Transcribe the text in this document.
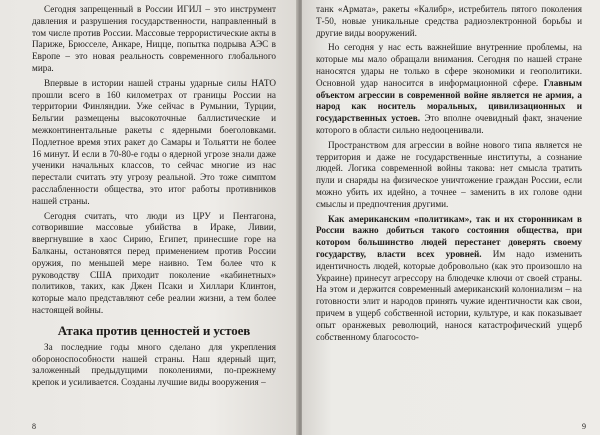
Сегодня запрещенный в России ИГИЛ – это инструмент давления и разрушения государственности, направленный в том числе против России. Массовые террористические акты в Париже, Брюсселе, Анкаре, Ницце, попытка подрыва АЭС в Европе – это новая реальность современного глобального мира.

Впервые в истории нашей страны ударные силы НАТО прошли всего в 160 километрах от границы России на территории Финляндии. Уже сейчас в Румынии, Турции, Бельгии размещены высокоточные баллистические и межконтинентальные ракеты с ядерными боеголовками. Подлетное время этих ракет до Самары и Тольятти не более 16 минут. И если в 70-80-е годы о ядерной угрозе знали даже ученики начальных классов, то сейчас многие из нас перестали считать эту угрозу реальной. Это тоже симптом расслабленности общества, это итог работы противников нашей страны.

Сегодня считать, что люди из ЦРУ и Пентагона, сотворившие массовые убийства в Ираке, Ливии, ввергнувшие в хаос Сирию, Египет, принесшие горе на Балканы, остановятся перед применением против России оружия, по меньшей мере наивно. Тем более что к руководству США приходит поколение «кабинетных» политиков, таких, как Джен Псаки и Хиллари Клинтон, которые мало представляют себе реалии жизни, а тем более настоящей войны.

Атака против ценностей и устоев

За последние годы много сделано для укрепления обороноспособности нашей страны. Наш ядерный щит, заложенный предыдущими поколениями, по-прежнему крепок и усиливается. Созданы лучшие виды вооружения –

8

танк «Армата», ракеты «Калибр», истребитель пятого поколения Т-50, новые уникальные средства радиоэлектронной борьбы и другие виды вооружений.

Но сегодня у нас есть важнейшие внутренние проблемы, на которые мы мало обращали внимания. Сегодня по нашей стране наносятся удары не только в сфере экономики и геополитики. Основной удар наносится в информационной сфере. Главным объектом агрессии в современной войне является не армия, а народ как носитель моральных, цивилизационных и государственных устоев. Это вполне очевидный факт, значение которого в области сильно недооценивали.

Пространством для агрессии в войне нового типа является не территория и даже не государственные институты, а сознание людей. Логика современной войны такова: нет смысла тратить пули и снаряды на физическое уничтожение граждан России, если можно убить их идейно, а точнее – заменить в их голове одни смыслы и предпочтения другими.

Как американским «политикам», так и их сторонникам в России важно добиться такого состояния общества, при котором большинство людей перестанет доверять своему государству, власти всех уровней. Им надо изменить идентичность людей, которые добровольно (как это произошло на Украине) принесут агрессору на блюдечке ключи от своей страны. На этом и держится современный американский колониализм – на готовности элит и народов принять чужие идентичности как свои, причем в ущерб собственной истории, культуре, и как показывает опыт оранжевых революций, нанося катастрофический ущерб собственному благососто-

9
